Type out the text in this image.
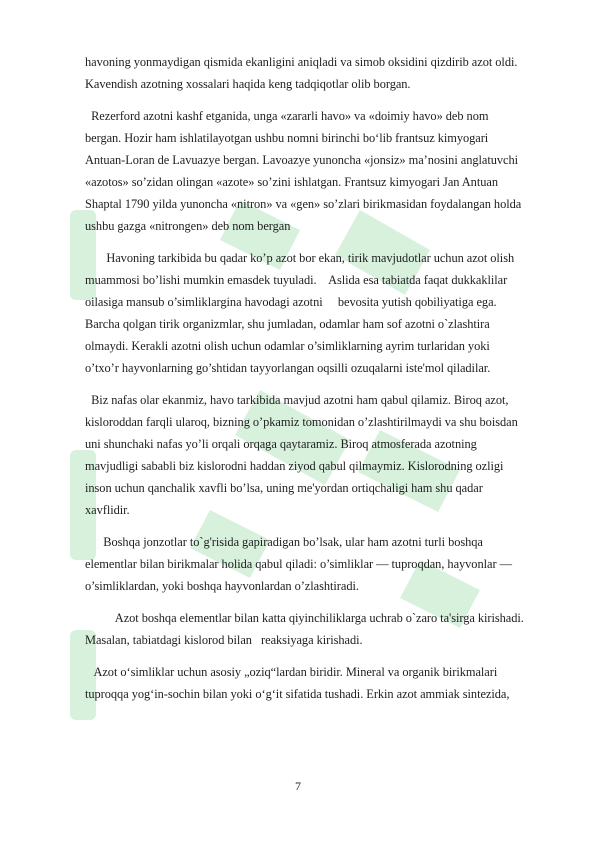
havoning yonmaydigan qismida ekanligini aniqladi va simob oksidini qizdirib azot oldi.
Kavendish azotning xossalari haqida keng tadqiqotlar olib borgan.

Rezerford azotni kashf etganida, unga «zararli havo» va «doimiy havo» deb nom
bergan. Hozir ham ishlatilayotgan ushbu nomni birinchi bo‘lib frantsuz kimyogari
Antuan-Loran de Lavuazye bergan. Lavoazye yunoncha «jonsiz» ma’nosini anglatuvchi
«azotos» so’zidan olingan «azote» so’zini ishlatgan. Frantsuz kimyogari Jan Antuan
Shaptal 1790 yilda yunoncha «nitron» va «gen» so’zlari birikmasidan foydalangan holda
ushbu gazga «nitrongen» deb nom bergan

Havoning tarkibida bu qadar ko’p azot bor ekan, tirik mavjudotlar uchun azot olish
muammosi bo’lishi mumkin emasdek tuyuladi.    Aslida esa tabiatda faqat dukkaklilar
oilasiga mansub o’simliklargina havodagi azotni     bevosita yutish qobiliyatiga ega.
Barcha qolgan tirik organizmlar, shu jumladan, odamlar ham sof azotni o`zlashtira
olmaydi. Kerakli azotni olish uchun odamlar o’simliklarning ayrim turlaridan yoki
o’txo’r hayvonlarning go’shtidan tayyorlangan oqsilli ozuqalarni iste'mol qiladilar.

Biz nafas olar ekanmiz, havo tarkibida mavjud azotni ham qabul qilamiz. Biroq azot,
kisloroddan farqli ularoq, bizning o’pkamiz tomonidan o’zlashtirilmaydi va shu boisdan
uni shunchaki nafas yo’li orqali orqaga qaytaramiz. Biroq atmosferada azotning
mavjudligi sababli biz kislorodni haddan ziyod qabul qilmaymiz. Kislorodning ozligi
inson uchun qanchalik xavfli bo’lsa, uning me'yordan ortiqchaligi ham shu qadar
xavflidir.

Boshqa jonzotlar to`g'risida gapiradigan bo’lsak, ular ham azotni turli boshqa
elementlar bilan birikmalar holida qabul qiladi: o’simliklar — tuproqdan, hayvonlar —
o’simliklardan, yoki boshqa hayvonlardan o’zlashtiradi.

Azot boshqa elementlar bilan katta qiyinchiliklarga uchrab o`zaro ta'sirga kirishadi.
Masalan, tabiatdagi kislorod bilan   reaksiyaga kirishadi.

Azot o‘simliklar uchun asosiy „oziq“lardan biridir. Mineral va organik birikmalari
tuproqqa yog‘in-sochin bilan yoki o‘g‘it sifatida tushadi. Erkin azot ammiak sintezida,

7
